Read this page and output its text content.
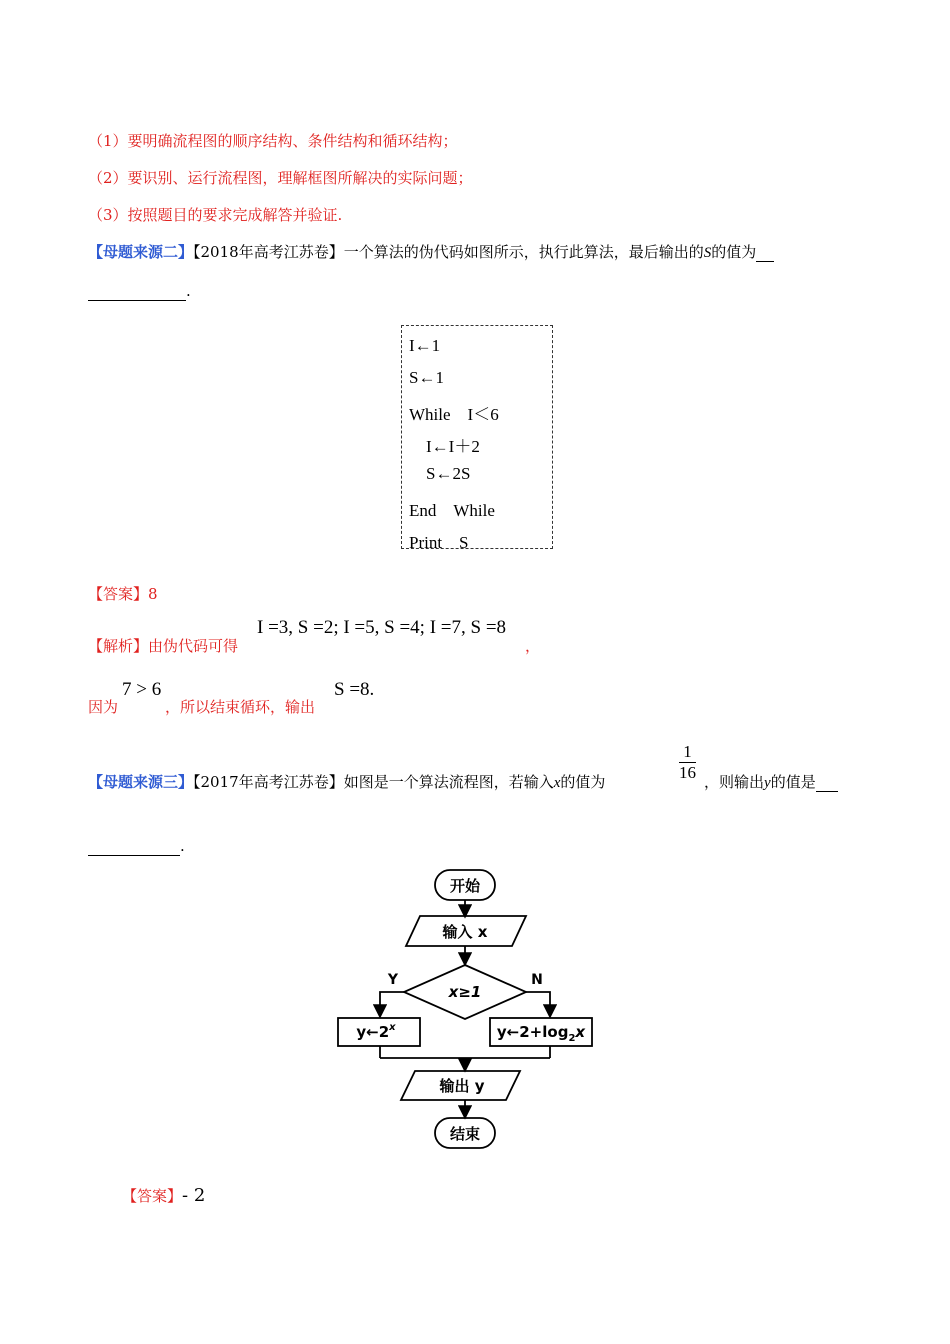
（1）要明确流程图的顺序结构、条件结构和循环结构；
（2）要识别、运行流程图，理解框图所解决的实际问题；
（3）按照题目的要求完成解答并验证.
【母题来源二】【2018年高考江苏卷】一个算法的伪代码如图所示，执行此算法，最后输出的S的值为
.
I←1
S←1
While　I＜6
I←I＋2
S←2S
End　While
Print　S
【答案】8
【解析】由伪代码可得
I =3, S =2; I =5, S =4; I =7, S =8
，
因为
7 > 6
，所以结束循环，输出
S =8.
【母题来源三】【2017年高考江苏卷】如图是一个算法流程图，若输入x的值为	$\frac{1}{16}$ ，则输出y的值是
.
开始
输入 x
x≥1
Y	N
y←2$^x$	$y\leftarrow 2+\log_2x$
输出 y
结束
【答案】- 2
